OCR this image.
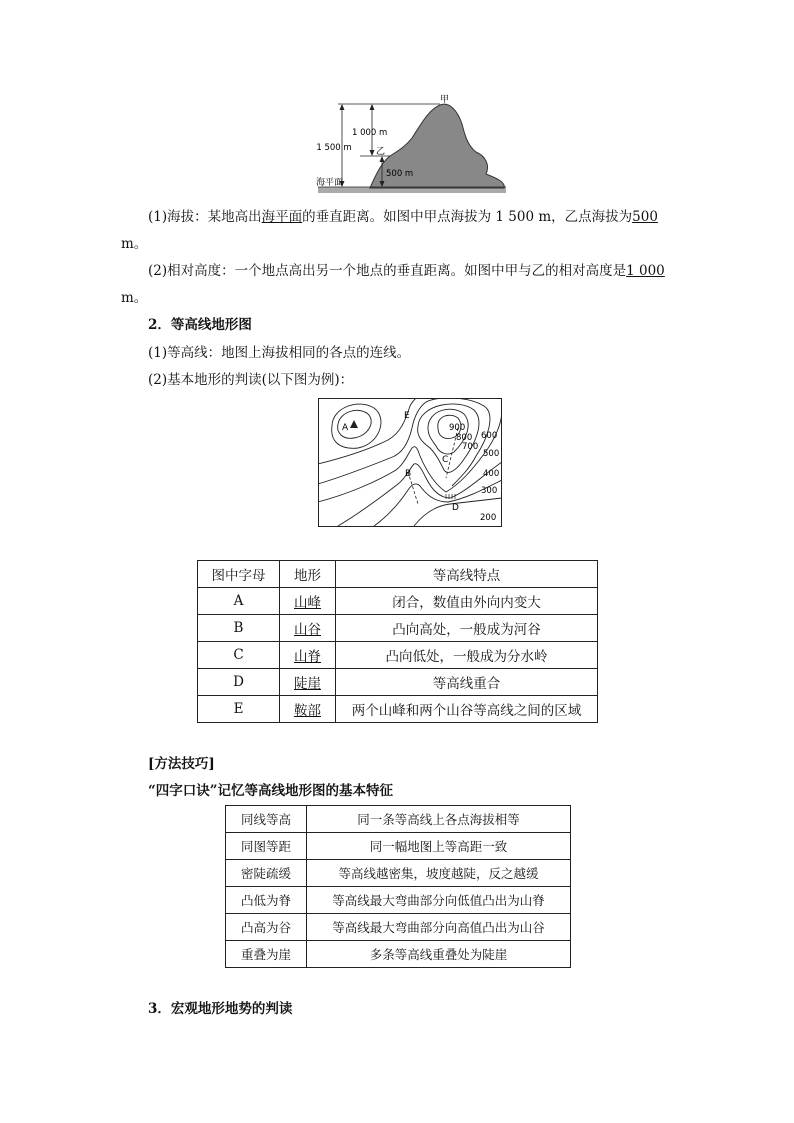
甲
乙
1 000 m
1 500 m
500 m
海平面
(1)海拔：某地高出海平面的垂直距离。如图中甲点海拔为 1 500 m，乙点海拔为500
m。
(2)相对高度：一个地点高出另一个地点的垂直距离。如图中甲与乙的相对高度是1 000
m。
2．等高线地形图
(1)等高线：地图上海拔相同的各点的连线。
(2)基本地形的判读(以下图为例)：
A
B
C
D
E
900
800
700
600
500
400
300
200
图中字母	地形	等高线特点
A	山峰	闭合，数值由外向内变大
B	山谷	凸向高处，一般成为河谷
C	山脊	凸向低处，一般成为分水岭
D	陡崖	等高线重合
E	鞍部	两个山峰和两个山谷等高线之间的区域
[方法技巧]
“四字口诀”记忆等高线地形图的基本特征
同线等高	同一条等高线上各点海拔相等
同图等距	同一幅地图上等高距一致
密陡疏缓	等高线越密集，坡度越陡，反之越缓
凸低为脊	等高线最大弯曲部分向低值凸出为山脊
凸高为谷	等高线最大弯曲部分向高值凸出为山谷
重叠为崖	多条等高线重叠处为陡崖
3．宏观地形地势的判读
